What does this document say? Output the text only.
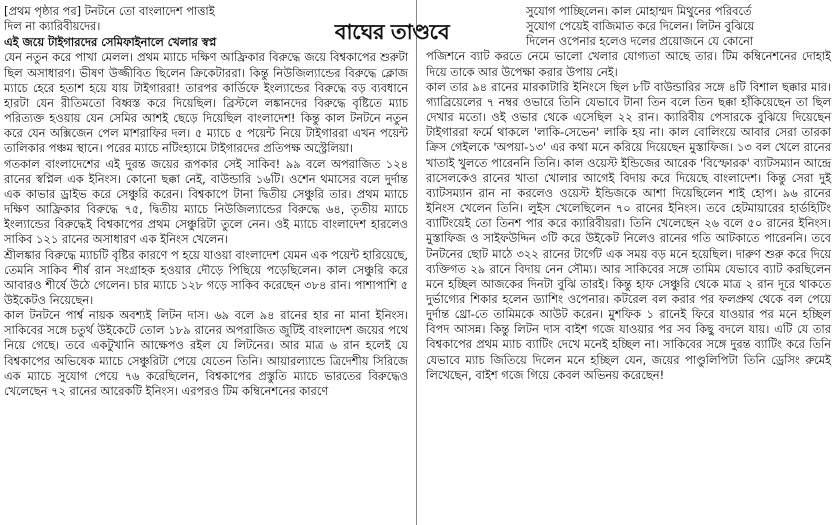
বাঘের তাণ্ডবে
[প্রথম পৃষ্ঠার পর] টনটনে তো বাংলাদেশ পাত্তাই
দিল না ক্যারিবীয়দের।
এই জয়ে টাইগারদের সেমিফাইনালে খেলার স্বপ্ন

যেন নতুন করে পাখা মেলল। প্রথম ম্যাচে দক্ষিণ আফ্রিকার বিরুদ্ধে জয়ে বিশ্বকাপের শুরুটা ছিল অসাধারণ। ভীষণ উজ্জীবিত ছিলেন ক্রিকেটাররা। কিন্তু নিউজিল্যান্ডের বিরুদ্ধে ক্লোজ ম্যাচে হেরে হতাশ হয়ে যায় টাইগাররা! তারপর কার্ডিফে ইংল্যান্ডের বিরুদ্ধে বড় ব্যবধানে হারটা যেন রীতিমতো বিধ্বস্ত করে দিয়েছিল। ব্রিস্টলে লঙ্কানদের বিরুদ্ধে বৃষ্টিতে ম্যাচ পরিত্যক্ত হওয়ায় যেন সেমির আশই ছেড়ে দিয়েছিল বাংলাদেশ! কিন্তু কাল টনটনে নতুন করে যেন অক্সিজেন পেল মাশরাফির দল। ৫ ম্যাচে ৫ পয়েন্ট নিয়ে টাইগাররা এখন পয়েন্ট তালিকার পঞ্চম স্থানে। পরের ম্যাচে নটিংহ্যামে টাইগারদের প্রতিপক্ষ অস্ট্রেলিয়া।

গতকাল বাংলাদেশের এই দুরন্ত জয়ের রূপকার সেই সাকিব! ৯৯ বলে অপরাজিত ১২৪ রানের স্বপ্নিল এক ইনিংস। কোনো ছক্কা নেই, বাউন্ডারি ১৬টি। ওশেন থমাসের বলে দুর্দান্ত এক কাভার ড্রাইভ করে সেঞ্চুরি করেন। বিশ্বকাপে টানা দ্বিতীয় সেঞ্চুরি তার। প্রথম ম্যাচে দক্ষিণ আফ্রিকার বিরুদ্ধে ৭৫, দ্বিতীয় ম্যাচে নিউজিল্যান্ডের বিরুদ্ধে ৬৪, তৃতীয় ম্যাচে ইংল্যান্ডের বিরুদ্ধেই বিশ্বকাপের প্রথম সেঞ্চুরিটা তুলে নেন। ওই ম্যাচে বাংলাদেশ হারলেও সাকিব ১২১ রানের অসাধারণ এক ইনিংস খেলেন।

শ্রীলঙ্কার বিরুদ্ধে ম্যাচটি বৃষ্টির কারণে প হয়ে যাওয়া বাংলাদেশ যেমন এক পয়েন্ট হারিয়েছে, তেমনি সাকিব শীর্ষ রান সংগ্রাহক হওয়ার দৌড়ে পিছিয়ে পড়েছিলেন। কাল সেঞ্চুরি করে আবারও শীর্ষে উঠে গেলেন। চার ম্যাচে ১২৮ গড়ে সাকিব করেছেন ৩৮৪ রান। পাশাপাশি ৫ উইকেটও নিয়েছেন।

কাল টনটনে পার্শ্ব নায়ক অবশ্যই লিটন দাস। ৬৯ বলে ৯৪ রানের হার না মানা ইনিংস। সাকিবের সঙ্গে চতুর্থ উইকেটে তোল ১৮৯ রানের অপরাজিত জুটিই বাংলাদেশ জয়ের পথে নিয়ে গেছে। তবে একটুখানি আক্ষেপও রইল যে লিটনের। আর মাত্র ৬ রান হলেই যে বিশ্বকাপের অভিষেক ম্যাচে সেঞ্চুরিটা পেয়ে যেতেন তিনি। আয়ারল্যান্ডে ত্রিদেশীয় সিরিজে এক ম্যাচে সুযোগ পেয়ে ৭৬ করেছিলেন, বিশ্বকাপের প্রস্তুতি ম্যাচে ভারতের বিরুদ্ধেও খেলেছেন ৭২ রানের আরেকটি ইনিংস। এরপরও টিম কম্বিনেশনের কারণে

সুযোগ পাচ্ছিলেন। কাল মোহাম্মদ মিথুনের পরিবর্তে
সুযোগ পেয়েই বাজিমাত করে দিলেন। লিটন বুঝিয়ে
দিলেন ওপেনার হলেও দলের প্রয়োজনে যে কোনো

পজিশনে ব্যাট করতে নেমে ভালো খেলার যোগ্যতা আছে তার। টিম কম্বিনেশনের দোহাই দিয়ে তাকে আর উপেক্ষা করার উপায় নেই।

কাল তার ৯৪ রানের মারকাটারি ইনিংসে ছিল ৮টি বাউন্ডারির সঙ্গে ৪টি বিশাল ছক্কার মার। গ্যাব্রিয়েলের ৭ নম্বর ওভারে তিনি যেভাবে টানা তিন বলে তিন ছক্কা হাঁকিয়েছেন তা ছিল দেখার মতো। ওই ওভার থেকে এসেছিল ২২ রান। ক্যারিবীয় পেসারকে বুঝিয়ে দিয়েছেন টাইগাররা ফর্মে থাকলে 'লাকি-সেভেন' লাকি হয় না। কাল বোলিংয়ে আবার সেরা তারকা ক্রিস গেইলকে 'অপয়া-১৩' এর কথা মনে করিয়ে দিয়েছেন মুস্তাফিজ। ১৩ বল খেলে রানের খাতাই খুলতে পারেননি তিনি। কাল ওয়েস্ট ইন্ডিজের আরেক 'বিস্ফোরক' ব্যাটসম্যান আন্দ্রে রাসেলকেও রানের খাতা খোলার আগেই বিদায় করে দিয়েছে বাংলাদেশ। কিন্তু সেরা দুই ব্যাটসম্যান রান না করলেও ওয়েস্ট ইন্ডিজকে আশা দিয়েছিলেন শাই হোপ। ৯৬ রানের ইনিংস খেলেন তিনি। লুইস খেলেছিলেন ৭০ রানের ইনিংস। তবে হেটমায়ারের হার্ডহিটিং ব্যাটিংয়েই তো তিনশ পার করে ক্যারিবীয়রা। তিনি খেলেছেন ২৬ বলে ৫০ রানের ইনিংস। মুস্তাফিজ ও সাইফউদ্দিন ৩টি করে উইকেট নিলেও রানের গতি আটকাতে পারেননি। তবে টনটনের ছোট মাঠে ৩২২ রানের টার্গেট এক সময় বড় মনে হয়েছিল। দারুণ শুরু করে দিয়ে ব্যক্তিগত ২৯ রানে বিদায় নেন সৌম্য। আর সাকিবের সঙ্গে তামিম যেভাবে ব্যাট করছিলেন মনে হচ্ছিল আজকের দিনটা বুঝি তারই। কিন্তু হাফ সেঞ্চুরি থেকে মাত্র ২ রান দূরে থাকতে দুর্ভাগ্যের শিকার হলেন ড্যাশিং ওপেনার। কটরেল বল করার পর ফলপ্রুথ থেকে বল পেয়ে দুর্দান্ত থ্রো-তে তামিমকে আউট করেন। মুশফিক ১ রানেই ফিরে যাওয়ার পর মনে হচ্ছিল বিপদ আসন্ন। কিন্তু লিটন দাস বাইশ গজে যাওয়ার পর সব কিছু বদলে যায়। এটি যে তার বিশ্বকাপের প্রথম ম্যাচ ব্যাটিং দেখে মনেই হচ্ছিল না। সাকিবের সঙ্গে দুরন্ত ব্যাটিং করে তিনি যেভাবে ম্যাচ জিতিয়ে দিলেন মনে হচ্ছিল যেন, জয়ের পাণ্ডুলিপিটা তিনি ড্রেসিং রুমেই লিখেছেন, বাইশ গজে গিয়ে কেবল অভিনয় করেছেন!
